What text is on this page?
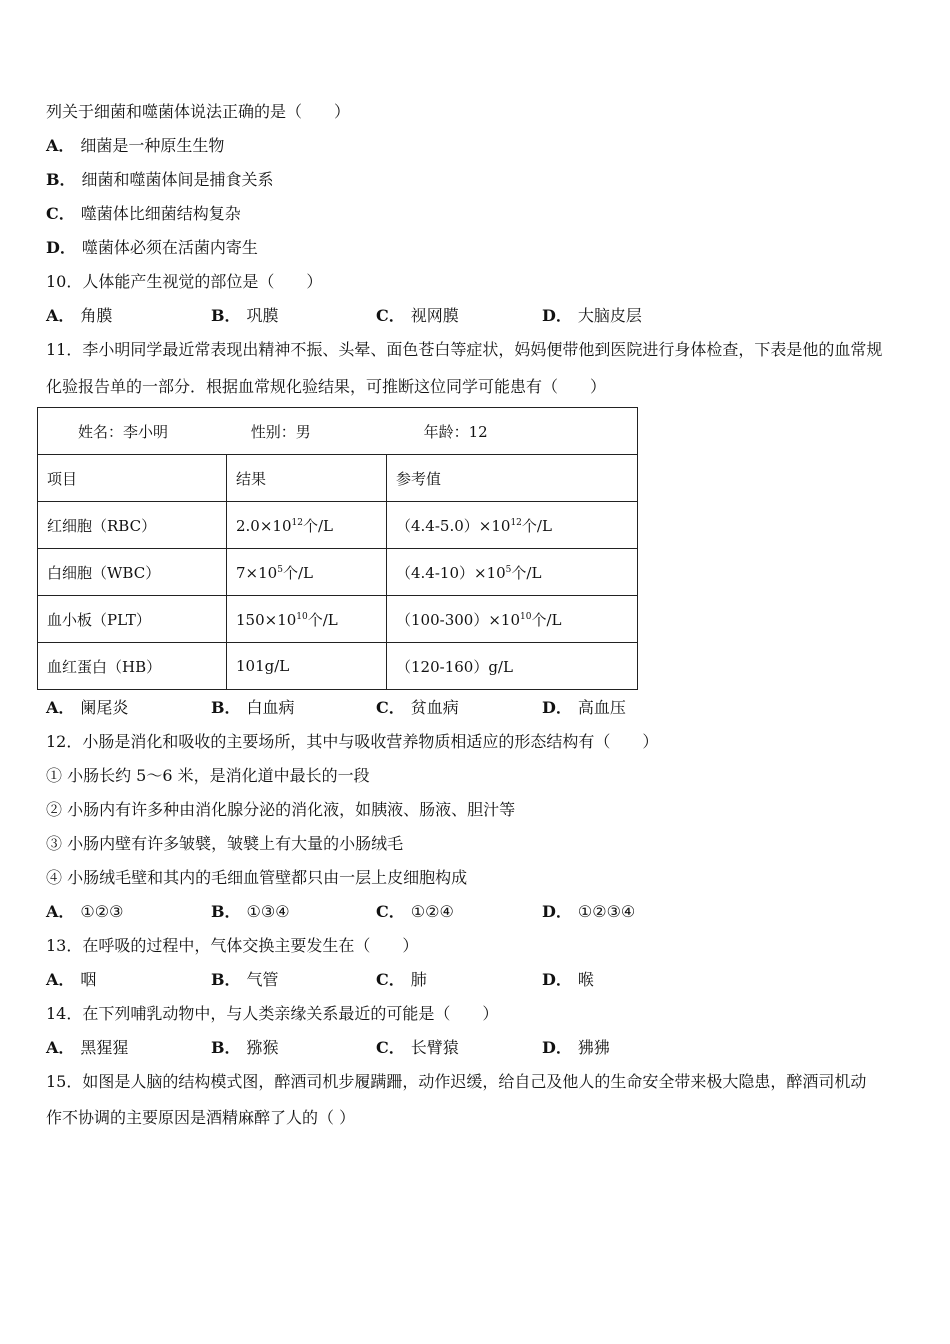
列关于细菌和噬菌体说法正确的是（　　）
A． 细菌是一种原生生物
B． 细菌和噬菌体间是捕食关系
C． 噬菌体比细菌结构复杂
D． 噬菌体必须在活菌内寄生
10．人体能产生视觉的部位是（　　）
A． 角膜	B． 巩膜	C． 视网膜	D． 大脑皮层
11．李小明同学最近常表现出精神不振、头晕、面色苍白等症状，妈妈便带他到医院进行身体检查，下表是他的血常规
化验报告单的一部分．根据血常规化验结果，可推断这位同学可能患有（　　）
姓名：李小明 性别：男 年龄：12		
项目	结果	参考值
红细胞（RBC）	$2.0\times 10^{12}$个/L	$(4.4-5.0)\times 10^{12}$个/L
白细胞（WBC）	$7\times 10^5$个/L	$(4.4-10)\times 10^5$个/L
血小板（PLT）	$150\times 10^{10}$个/L	$(100-300)\times 10^{10}$个/L
血红蛋白（HB）	101g/L	（120-160）g/L
A． 阑尾炎	B． 白血病	C． 贫血病	D． 高血压
12．小肠是消化和吸收的主要场所，其中与吸收营养物质相适应的形态结构有（　　）
① 小肠长约 5～6 米，是消化道中最长的一段
② 小肠内有许多种由消化腺分泌的消化液，如胰液、肠液、胆汁等
③ 小肠内壁有许多皱襞，皱襞上有大量的小肠绒毛
④ 小肠绒毛壁和其内的毛细血管壁都只由一层上皮细胞构成
A． ①②③	B． ①③④	C． ①②④	D． ①②③④
13．在呼吸的过程中，气体交换主要发生在（　　）
A． 咽	B． 气管	C． 肺	D． 喉
14．在下列哺乳动物中，与人类亲缘关系最近的可能是（　　）
A． 黑猩猩	B． 猕猴	C． 长臂猿	D． 狒狒
15．如图是人脑的结构模式图，醉酒司机步履蹒跚，动作迟缓，给自己及他人的生命安全带来极大隐患，醉酒司机动
作不协调的主要原因是酒精麻醉了人的（ ）
